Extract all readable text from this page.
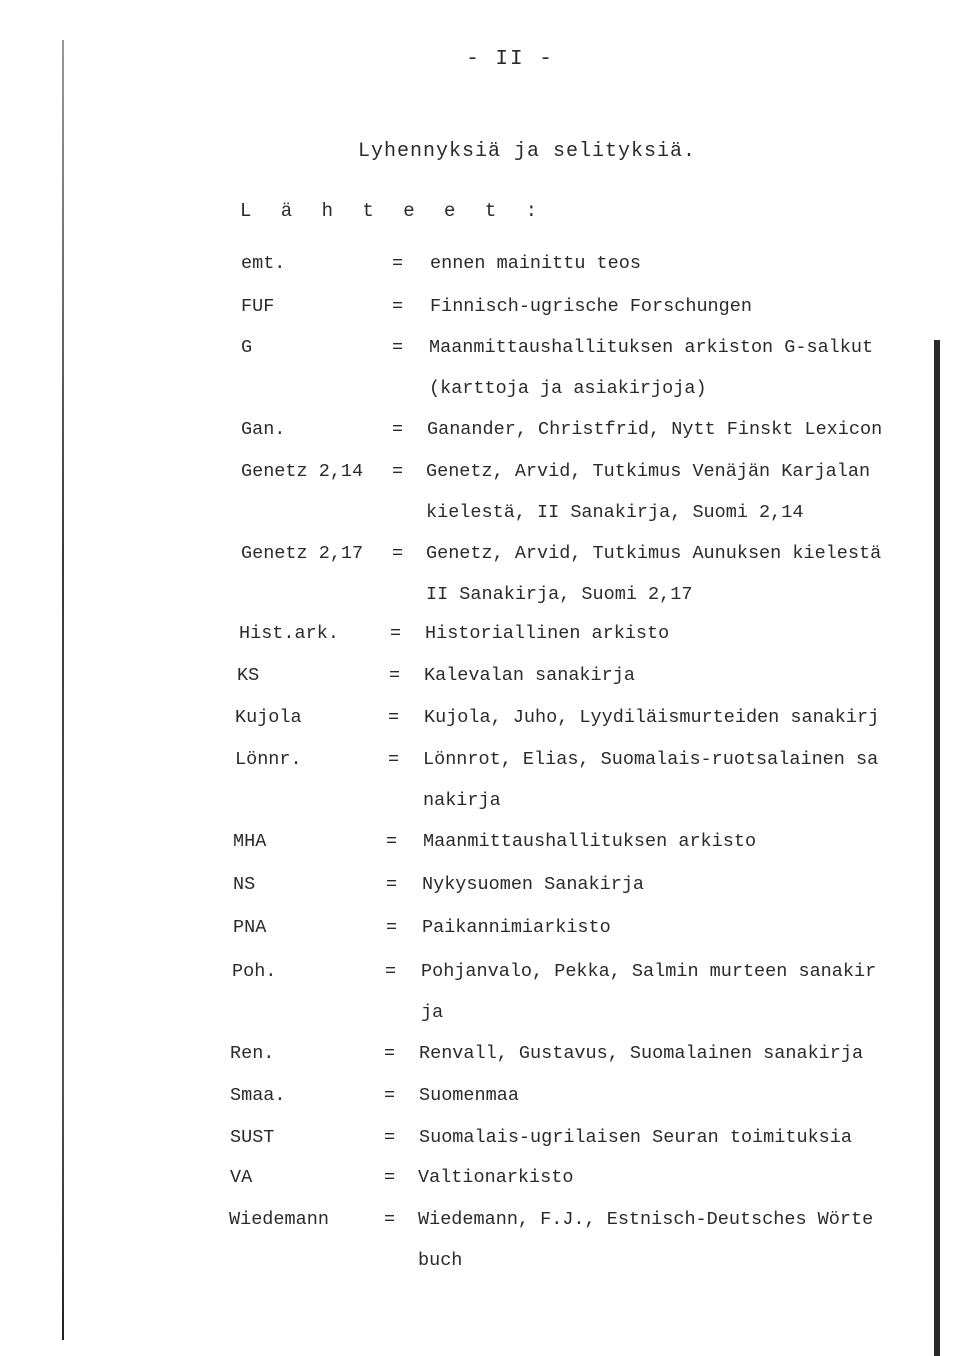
- II -
Lyhennyksiä ja selityksiä.
L ä h t e e t :
emt.	= ennen mainittu teos
FUF	= Finnisch-ugrische Forschungen
G	= Maanmittaushallituksen arkiston G-salkut
(karttoja ja asiakirjoja)
Gan.	= Ganander, Christfrid, Nytt Finskt Lexicon
Genetz 2,14 = Genetz, Arvid, Tutkimus Venäjän Karjalan
kielestä, II Sanakirja, Suomi 2,14
Genetz 2,17 = Genetz, Arvid, Tutkimus Aunuksen kielestä
II Sanakirja, Suomi 2,17
Hist.ark.	= Historiallinen arkisto
KS	= Kalevalan sanakirja
Kujola	= Kujola, Juho, Lyydiläismurteiden sanakirj
Lönnr.	= Lönnrot, Elias, Suomalais-ruotsalainen sa
nakirja
MHA	= Maanmittaushallituksen arkisto
NS	= Nykysuomen Sanakirja
PNA	= Paikannimiarkisto
Poh.	= Pohjanvalo, Pekka, Salmin murteen sanakir
ja
Ren.	= Renvall, Gustavus, Suomalainen sanakirja
Smaa.	= Suomenmaa
SUST	= Suomalais-ugrilaisen Seuran toimituksia
VA	= Valtionarkisto
Wiedemann	= Wiedemann, F.J., Estnisch-Deutsches Wörte
buch
